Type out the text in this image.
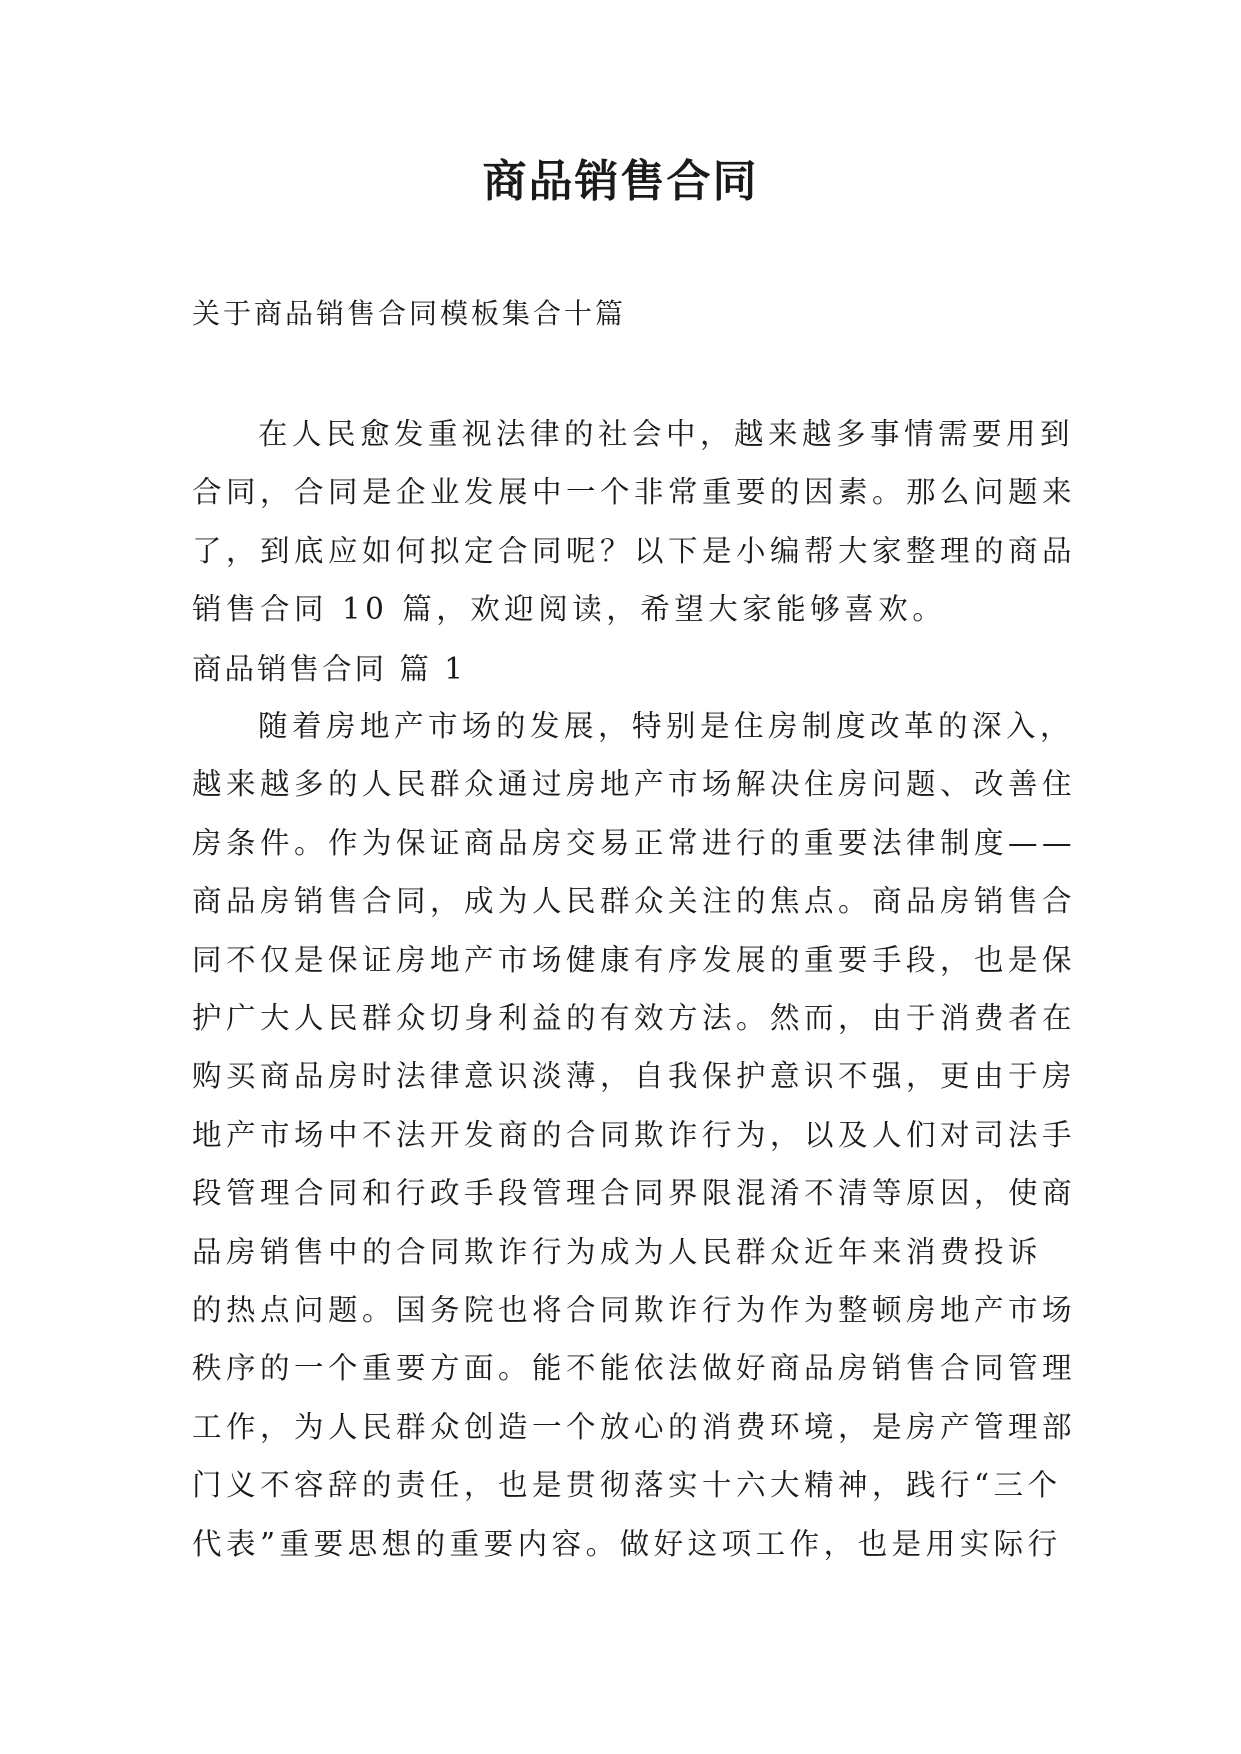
商品销售合同

关于商品销售合同模板集合十篇

在人民愈发重视法律的社会中，越来越多事情需要用到
合同，合同是企业发展中一个非常重要的因素。那么问题来
了，到底应如何拟定合同呢？以下是小编帮大家整理的商品
销售合同 10 篇，欢迎阅读，希望大家能够喜欢。

商品销售合同 篇 1

随着房地产市场的发展，特别是住房制度改革的深入，
越来越多的人民群众通过房地产市场解决住房问题、改善住
房条件。作为保证商品房交易正常进行的重要法律制度——
商品房销售合同，成为人民群众关注的焦点。商品房销售合
同不仅是保证房地产市场健康有序发展的重要手段，也是保
护广大人民群众切身利益的有效方法。然而，由于消费者在
购买商品房时法律意识淡薄，自我保护意识不强，更由于房
地产市场中不法开发商的合同欺诈行为，以及人们对司法手
段管理合同和行政手段管理合同界限混淆不清等原因，使商
品房销售中的合同欺诈行为成为人民群众近年来消费投诉
的热点问题。国务院也将合同欺诈行为作为整顿房地产市场
秩序的一个重要方面。能不能依法做好商品房销售合同管理
工作，为人民群众创造一个放心的消费环境，是房产管理部
门义不容辞的责任，也是贯彻落实十六大精神，践行“三个
代表”重要思想的重要内容。做好这项工作，也是用实际行
